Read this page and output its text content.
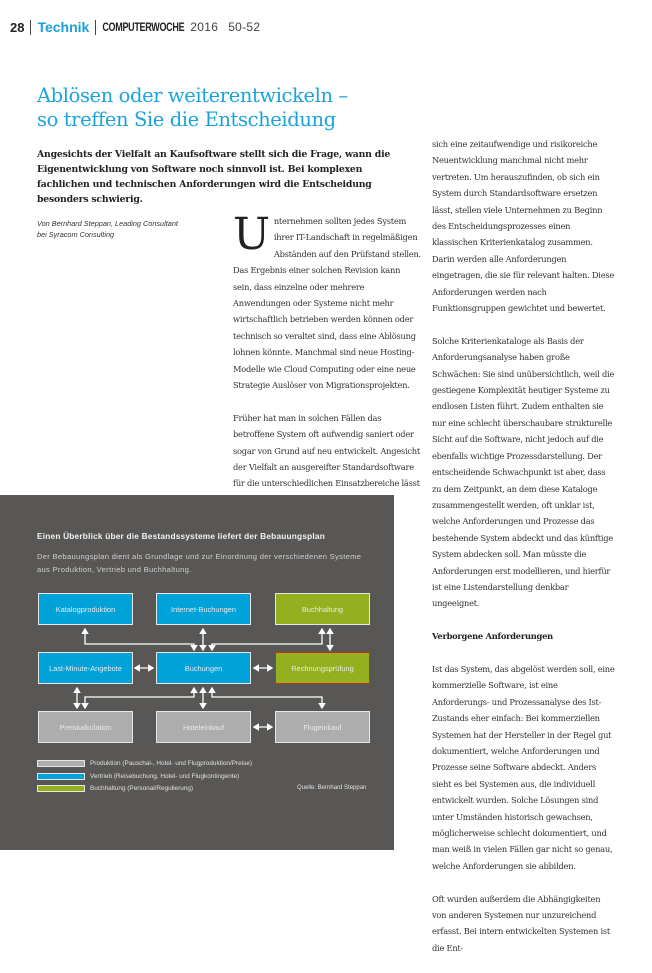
28 Technik COMPUTERWOCHE 2016 50-52
Ablösen oder weiterentwickeln –
so treffen Sie die Entscheidung
Angesichts der Vielfalt an Kaufsoftware stellt sich die Frage, wann die Eigenentwicklung von Software noch sinnvoll ist. Bei komplexen fachlichen und technischen Anforderungen wird die Entscheidung besonders schwierig.
Von Bernhard Steppan, Leading Consultant
bei Syracom Consulting	Unternehmen sollten jedes System ihrer IT-Landschaft in regelmäßigen Abständen auf den Prüfstand stellen. Das Ergebnis einer solchen Revision kann sein, dass einzelne oder mehrere Anwendungen oder Systeme nicht mehr wirtschaftlich betrieben werden können oder technisch so veraltet sind, dass eine Ablösung lohnen könnte. Manchmal sind neue Hosting-Modelle wie Cloud Computing oder eine neue Strategie Auslöser von Migrationsprojekten.

Früher hat man in solchen Fällen das betroffene System oft aufwendig saniert oder sogar von Grund auf neu entwickelt. Angesicht der Vielfalt an ausgereifter Standardsoftware für die unterschiedlichen Einsatzbereiche lässt

sich eine zeitaufwendige und risikoreiche Neuentwicklung manchmal nicht mehr vertreten. Um herauszufinden, ob sich ein System durch Standardsoftware ersetzen lässt, stellen viele Unternehmen zu Beginn des Entscheidungsprozesses einen klassischen Kriterienkatalog zusammen. Darin werden alle Anforderungen eingetragen, die sie für relevant halten. Diese Anforderungen werden nach Funktionsgruppen gewichtet und bewertet.

Solche Kriterienkataloge als Basis der Anforderungsanalyse haben große Schwächen: Sie sind unübersichtlich, weil die gestiegene Komplexität heutiger Systeme zu endlosen Listen führt. Zudem enthalten sie nur eine schlecht überschaubare strukturelle Sicht auf die Software, nicht jedoch auf die ebenfalls wichtige Prozessdarstellung. Der entscheidende Schwachpunkt ist aber, dass zu dem Zeitpunkt, an dem diese Kataloge zusammengestellt werden, oft unklar ist, welche Anforderungen und Prozesse das bestehende System abdeckt und das künftige System abdecken soll. Man müsste die Anforderungen erst modellieren, und hierfür ist eine Listendarstellung denkbar ungeeignet.

Verborgene Anforderungen

Ist das System, das abgelöst werden soll, eine kommerzielle Software, ist eine Anforderungs- und Prozessanalyse des Ist-Zustands eher einfach: Bei kommerziellen Systemen hat der Hersteller in der Regel gut dokumentiert, welche Anforderungen und Prozesse seine Software abdeckt. Anders sieht es bei Systemen aus, die individuell entwickelt wurden. Solche Lösungen sind unter Umständen historisch gewachsen, möglicherweise schlecht dokumentiert, und man weiß in vielen Fällen gar nicht so genau, welche Anforderungen sie abbilden.

Oft wurden außerdem die Abhängigkeiten von anderen Systemen nur unzureichend erfasst. Bei intern entwickelten Systemen ist die Ent-

Einen Überblick über die Bestandssysteme liefert der Bebauungsplan
Der Bebauungsplan dient als Grundlage und zur Einordnung der verschiedenen Systeme aus Produktion, Vertrieb und Buchhaltung.
Katalogproduktion	Internet-Buchungen	Buchhaltung
Last-Minute-Angebote	Buchungen	Rechnungsprüfung
Preiskalkulation	Hoteleinkauf	Flugeinkauf
Produktion (Pauschal-, Hotel- und Flugproduktion/Preise)
Vertrieb (Reisebuchung, Hotel- und Flugkontingente)
Buchhaltung (Personal/Regulierung)	Quelle: Bernhard Steppan
